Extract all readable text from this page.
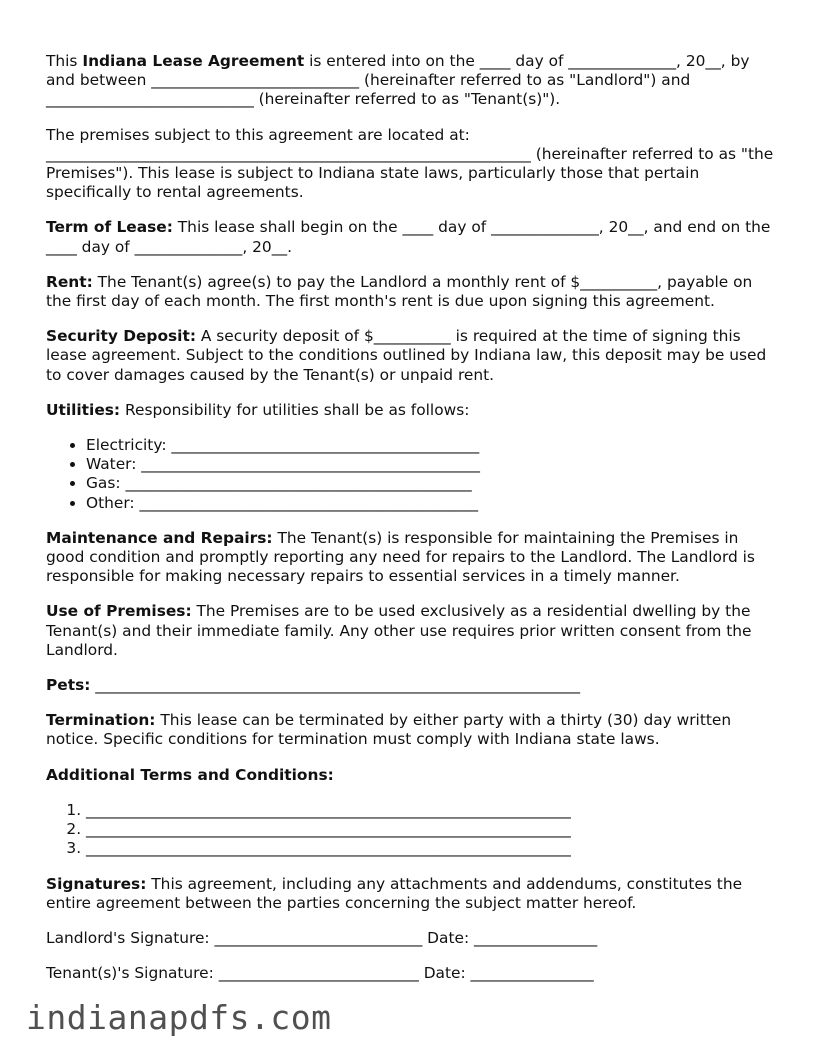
This Indiana Lease Agreement is entered into on the ____ day of ______________, 20__, by and between ___________________________ (hereinafter referred to as "Landlord") and ___________________________ (hereinafter referred to as "Tenant(s)").

The premises subject to this agreement are located at: _______________________________________________________________ (hereinafter referred to as "the Premises"). This lease is subject to Indiana state laws, particularly those that pertain specifically to rental agreements.

Term of Lease: This lease shall begin on the ____ day of ______________, 20__, and end on the ____ day of ______________, 20__.

Rent: The Tenant(s) agree(s) to pay the Landlord a monthly rent of $__________, payable on the first day of each month. The first month's rent is due upon signing this agreement.

Security Deposit: A security deposit of $__________ is required at the time of signing this lease agreement. Subject to the conditions outlined by Indiana law, this deposit may be used to cover damages caused by the Tenant(s) or unpaid rent.

Utilities: Responsibility for utilities shall be as follows:

• Electricity: ________________________________________
• Water: ____________________________________________
• Gas: _____________________________________________
• Other: ____________________________________________

Maintenance and Repairs: The Tenant(s) is responsible for maintaining the Premises in good condition and promptly reporting any need for repairs to the Landlord. The Landlord is responsible for making necessary repairs to essential services in a timely manner.

Use of Premises: The Premises are to be used exclusively as a residential dwelling by the Tenant(s) and their immediate family. Any other use requires prior written consent from the Landlord.

Pets: _______________________________________________________________

Termination: This lease can be terminated by either party with a thirty (30) day written notice. Specific conditions for termination must comply with Indiana state laws.

Additional Terms and Conditions:

1. _______________________________________________________________
2. _______________________________________________________________
3. _______________________________________________________________

Signatures: This agreement, including any attachments and addendums, constitutes the entire agreement between the parties concerning the subject matter hereof.

Landlord's Signature: ___________________________ Date: ________________

Tenant(s)'s Signature: __________________________ Date: ________________

indianapdfs.com
